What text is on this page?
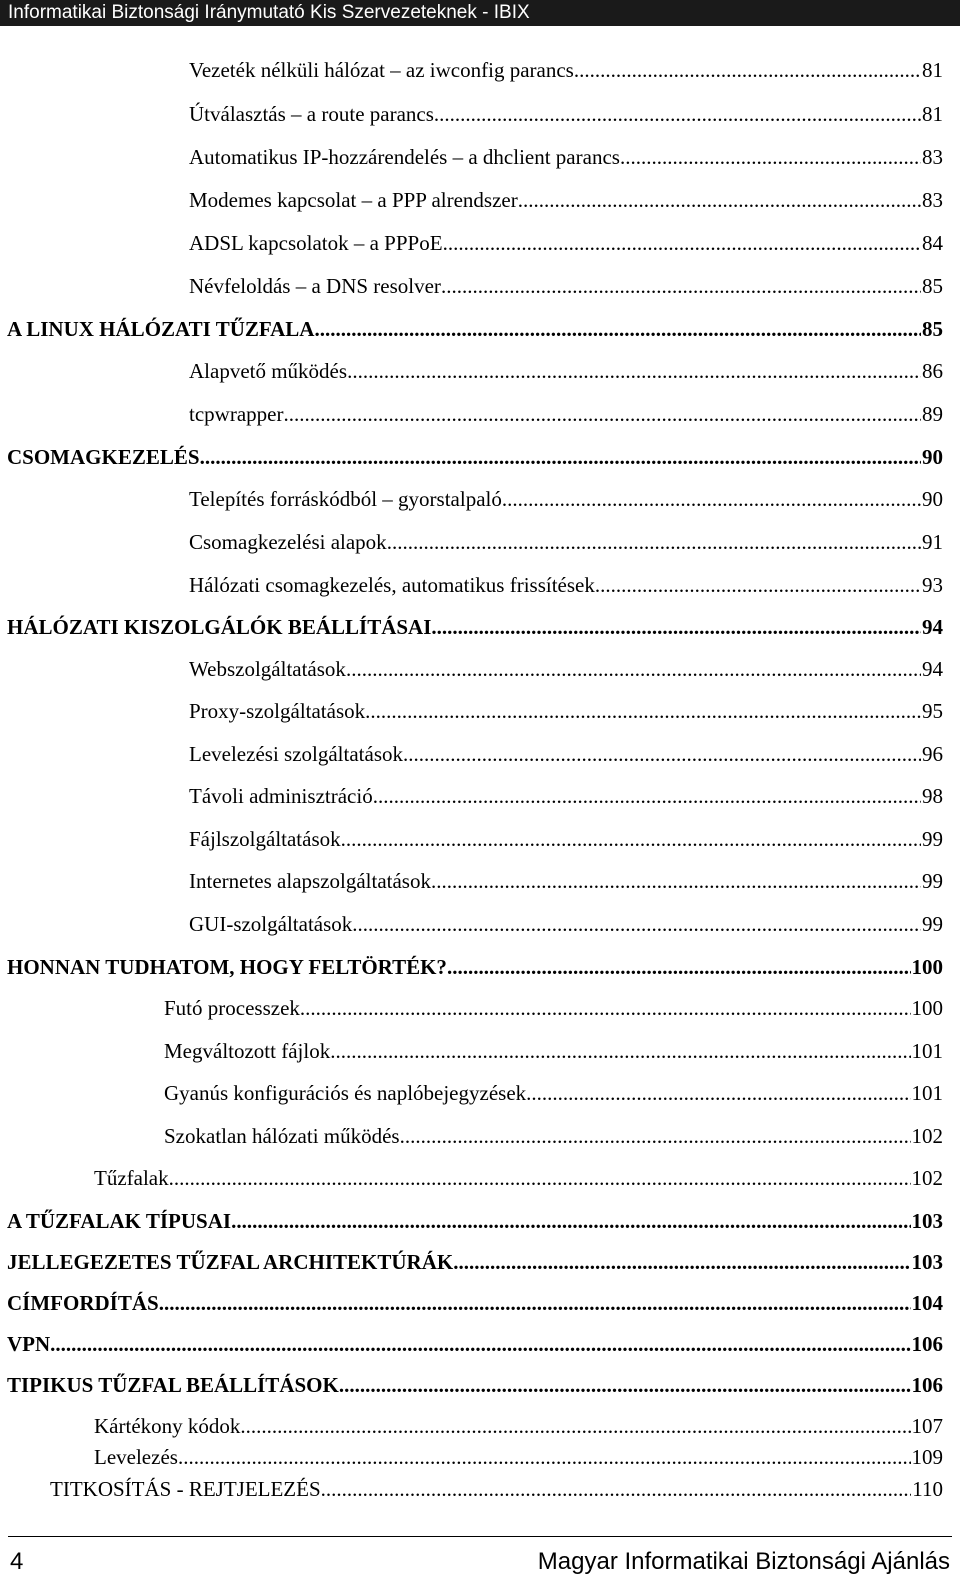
Informatikai Biztonsági Iránymutató Kis Szervezeteknek - IBIX
Vezeték nélküli hálózat – az iwconfig parancs .....	81
Útválasztás – a route parancs .....	81
Automatikus IP-hozzárendelés – a dhclient parancs .....	83
Modemes kapcsolat – a PPP alrendszer .....	83
ADSL kapcsolatok – a PPPoE .....	84
Névfeloldás – a DNS resolver .....	85
A LINUX HÁLÓZATI TŰZFALA .....	85
Alapvető működés .....	86
tcpwrapper .....	89
CSOMAGKEZELÉS .....	90
Telepítés forráskódból – gyorstalpaló .....	90
Csomagkezelési alapok .....	91
Hálózati csomagkezelés, automatikus frissítések .....	93
HÁLÓZATI KISZOLGÁLÓK BEÁLLÍTÁSAI .....	94
Webszolgáltatások .....	94
Proxy-szolgáltatások .....	95
Levelezési szolgáltatások .....	96
Távoli adminisztráció .....	98
Fájlszolgáltatások .....	99
Internetes alapszolgáltatások .....	99
GUI-szolgáltatások .....	99
HONNAN TUDHATOM, HOGY FELTÖRTÉK? .....	100
Futó processzek .....	100
Megváltozott fájlok .....	101
Gyanús konfigurációs és naplóbejegyzések .....	101
Szokatlan hálózati működés .....	102
Tűzfalak .....	102
A TŰZFALAK TÍPUSAI .....	103
JELLEGEZETES TŰZFAL ARCHITEKTÚRÁK .....	103
CÍMFORDÍTÁS .....	104
VPN .....	106
TIPIKUS TŰZFAL BEÁLLÍTÁSOK .....	106
Kártékony kódok .....	107
Levelezés .....	109
TITKOSÍTÁS - REJTJELEZÉS .....	110
4	Magyar Informatikai Biztonsági Ajánlás
